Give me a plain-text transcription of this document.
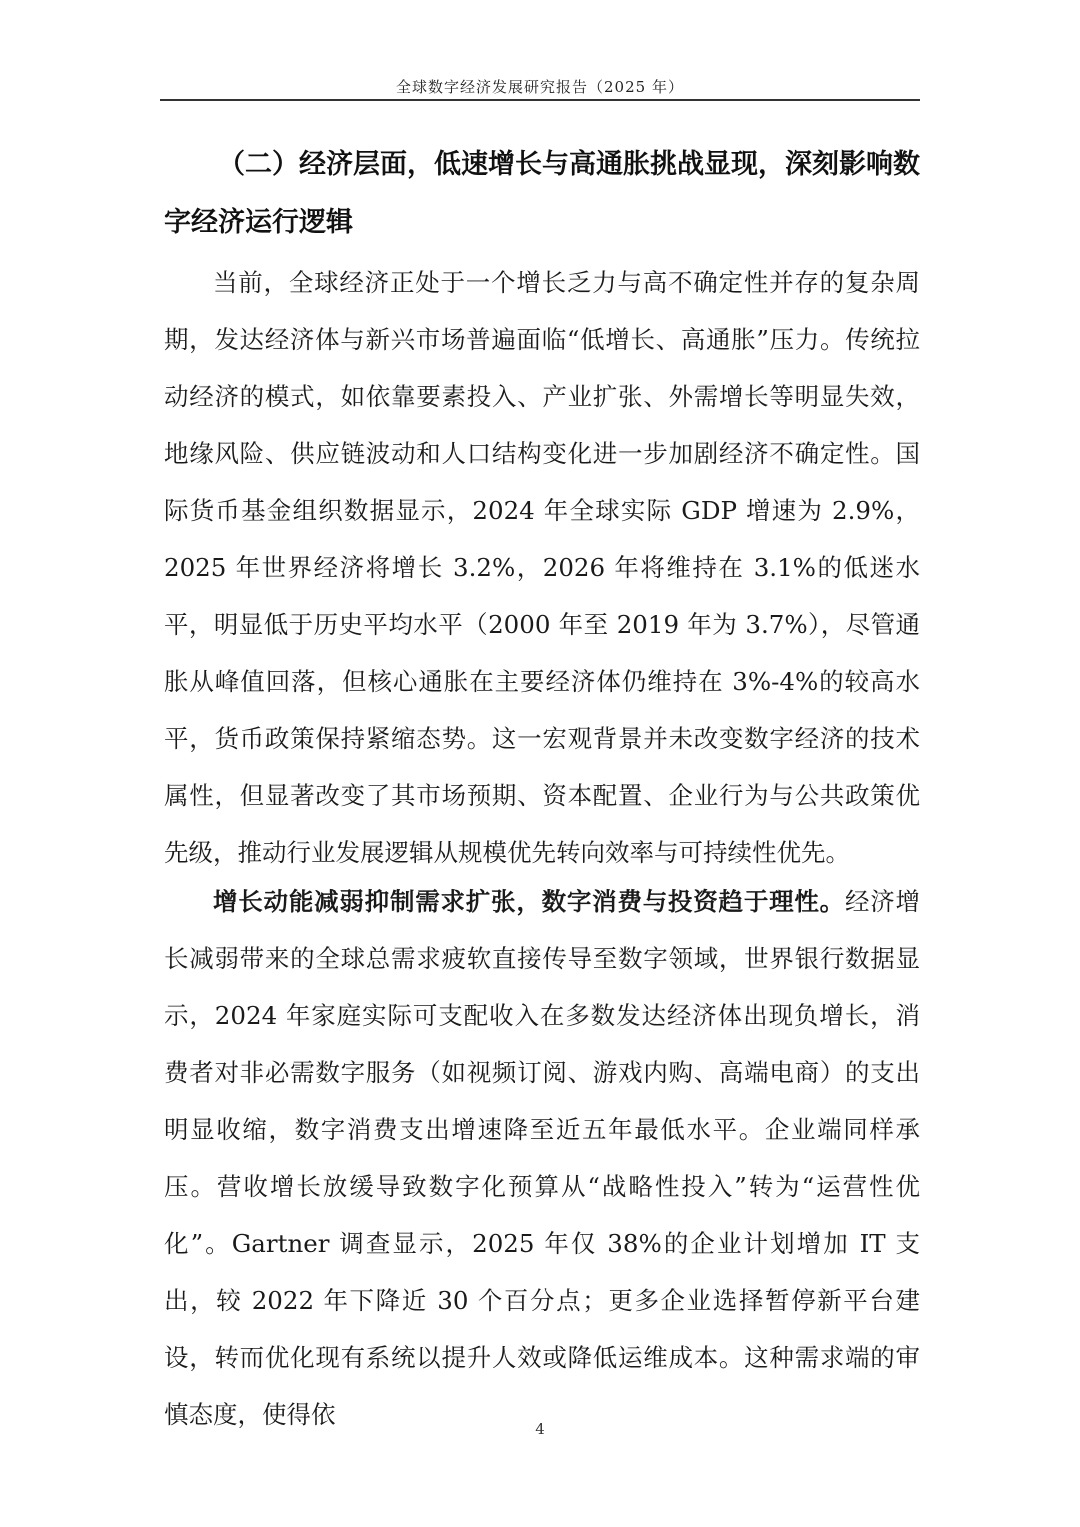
全球数字经济发展研究报告（2025 年）
（二）经济层面，低速增长与高通胀挑战显现，深刻影响数字经济运行逻辑

当前，全球经济正处于一个增长乏力与高不确定性并存的复杂周期，发达经济体与新兴市场普遍面临“低增长、高通胀”压力。传统拉动经济的模式，如依靠要素投入、产业扩张、外需增长等明显失效，地缘风险、供应链波动和人口结构变化进一步加剧经济不确定性。国际货币基金组织数据显示，2024 年全球实际 GDP 增速为 2.9%，2025 年世界经济将增长 3.2%，2026 年将维持在 3.1%的低迷水平，明显低于历史平均水平（2000 年至 2019 年为 3.7%），尽管通胀从峰值回落，但核心通胀在主要经济体仍维持在 3%-4%的较高水平，货币政策保持紧缩态势。这一宏观背景并未改变数字经济的技术属性，但显著改变了其市场预期、资本配置、企业行为与公共政策优先级，推动行业发展逻辑从规模优先转向效率与可持续性优先。

增长动能减弱抑制需求扩张，数字消费与投资趋于理性。经济增长减弱带来的全球总需求疲软直接传导至数字领域，世界银行数据显示，2024 年家庭实际可支配收入在多数发达经济体出现负增长，消费者对非必需数字服务（如视频订阅、游戏内购、高端电商）的支出明显收缩，数字消费支出增速降至近五年最低水平。企业端同样承压。营收增长放缓导致数字化预算从“战略性投入”转为“运营性优化”。Gartner 调查显示，2025 年仅 38%的企业计划增加 IT 支出，较 2022 年下降近 30 个百分点；更多企业选择暂停新平台建设，转而优化现有系统以提升人效或降低运维成本。这种需求端的审慎态度，使得依	4
